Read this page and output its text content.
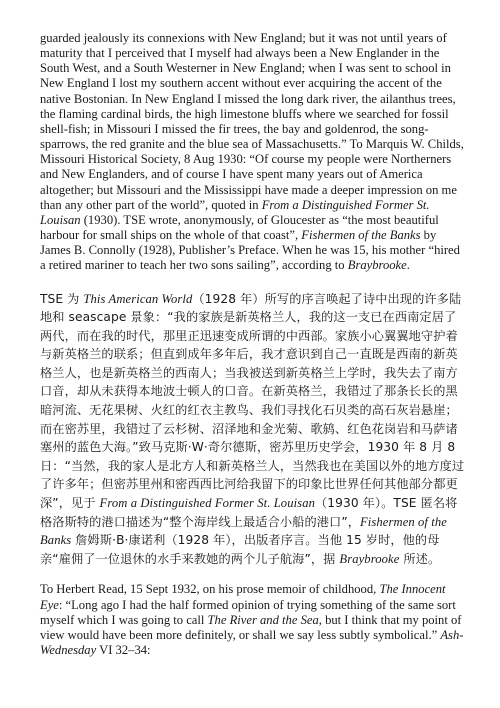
guarded jealously its connexions with New England; but it was not until years of maturity that I perceived that I myself had always been a New Englander in the South West, and a South Westerner in New England; when I was sent to school in New England I lost my southern accent without ever acquiring the accent of the native Bostonian. In New England I missed the long dark river, the ailanthus trees, the flaming cardinal birds, the high limestone bluffs where we searched for fossil shell-fish; in Missouri I missed the fir trees, the bay and goldenrod, the song-sparrows, the red granite and the blue sea of Massachusetts.” To Marquis W. Childs, Missouri Historical Society, 8 Aug 1930: “Of course my people were Northerners and New Englanders, and of course I have spent many years out of America altogether; but Missouri and the Mississippi have made a deeper impression on me than any other part of the world”, quoted in From a Distinguished Former St. Louisan (1930). TSE wrote, anonymously, of Gloucester as “the most beautiful harbour for small ships on the whole of that coast”, Fishermen of the Banks by James B. Connolly (1928), Publisher’s Preface. When he was 15, his mother “hired a retired mariner to teach her two sons sailing”, according to Braybrooke.

TSE 为 This American World（1928 年）所写的序言唤起了诗中出现的许多陆地和 seascape 景象：“我的家族是新英格兰人，我的这一支已在西南定居了两代，而在我的时代，那里正迅速变成所谓的中西部。家族小心翼翼地守护着与新英格兰的联系；但直到成年多年后，我才意识到自己一直既是西南的新英格兰人，也是新英格兰的西南人；当我被送到新英格兰上学时，我失去了南方口音，却从未获得本地波士顿人的口音。在新英格兰，我错过了那条长长的黑暗河流、无花果树、火红的红衣主教鸟、我们寻找化石贝类的高石灰岩悬崖；而在密苏里，我错过了云杉树、沼泽地和金光菊、歌鸫、红色花岗岩和马萨诸塞州的蓝色大海。”致马克斯·W·奇尔德斯，密苏里历史学会，1930 年 8 月 8 日：“当然，我的家人是北方人和新英格兰人，当然我也在美国以外的地方度过了许多年；但密苏里州和密西西比河给我留下的印象比世界任何其他部分都更深”，见于 From a Distinguished Former St. Louisan（1930 年）。TSE 匿名将格洛斯特的港口描述为“整个海岸线上最适合小船的港口”，Fishermen of the Banks 詹姆斯·B·康诺利（1928 年），出版者序言。当他 15 岁时，他的母亲“雇佣了一位退休的水手来教她的两个儿子航海”，据 Braybrooke 所述。

To Herbert Read, 15 Sept 1932, on his prose memoir of childhood, The Innocent Eye: “Long ago I had the half formed opinion of trying something of the same sort myself which I was going to call The River and the Sea, but I think that my point of view would have been more definitely, or shall we say less subtly symbolical.” Ash-Wednesday VI 32–34:
